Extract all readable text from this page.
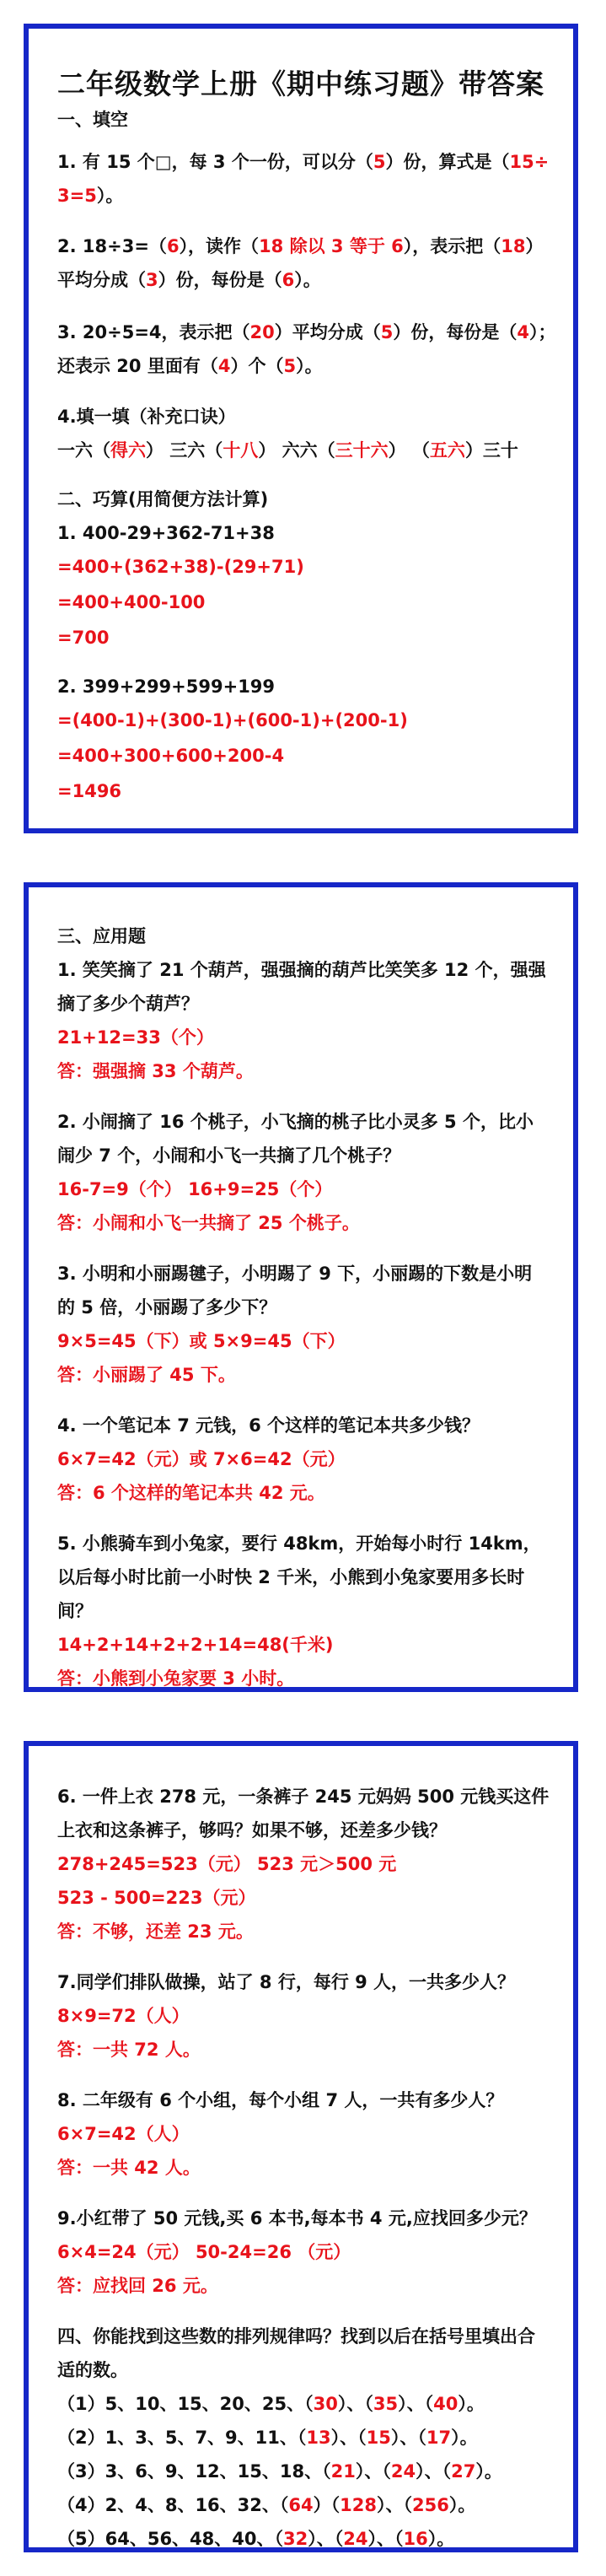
二年级数学上册《期中练习题》带答案
一、填空
1. 有 15 个□，每 3 个一份，可以分（5）份，算式是（15÷
3=5）。
2. 18÷3=（6），读作（18 除以 3 等于 6），表示把（18）
平均分成（3）份，每份是（6）。
3. 20÷5=4，表示把（20）平均分成（5）份，每份是（4）；
还表示 20 里面有（4）个（5）。
4.填一填（补充口诀）
一六（得六） 三六（十八） 六六（三十六） （五六）三十
二、巧算(用简便方法计算)
1. 400-29+362-71+38
=400+(362+38)-(29+71)
=400+400-100
=700
2. 399+299+599+199
=(400-1)+(300-1)+(600-1)+(200-1)
=400+300+600+200-4
=1496
三、应用题
1. 笑笑摘了 21 个葫芦，强强摘的葫芦比笑笑多 12 个，强强
摘了多少个葫芦？
21+12=33（个）
答：强强摘 33 个葫芦。
2. 小闹摘了 16 个桃子，小飞摘的桃子比小灵多 5 个，比小
闹少 7 个，小闹和小飞一共摘了几个桃子？
16-7=9（个） 16+9=25（个）
答：小闹和小飞一共摘了 25 个桃子。
3. 小明和小丽踢毽子，小明踢了 9 下，小丽踢的下数是小明
的 5 倍，小丽踢了多少下？
9×5=45（下）或 5×9=45（下）
答：小丽踢了 45 下。
4. 一个笔记本 7 元钱，6 个这样的笔记本共多少钱？
6×7=42（元）或 7×6=42（元）
答：6 个这样的笔记本共 42 元。
5. 小熊骑车到小兔家，要行 48km，开始每小时行 14km，
以后每小时比前一小时快 2 千米，小熊到小兔家要用多长时
间？
14+2+14+2+2+14=48(千米)
答：小熊到小兔家要 3 小时。
6. 一件上衣 278 元，一条裤子 245 元妈妈 500 元钱买这件
上衣和这条裤子，够吗？如果不够，还差多少钱？
278+245=523（元） 523 元＞500 元
523 - 500=223（元）
答：不够，还差 23 元。
7.同学们排队做操，站了 8 行，每行 9 人，一共多少人？
8×9=72（人）
答：一共 72 人。
8. 二年级有 6 个小组，每个小组 7 人，一共有多少人？
6×7=42（人）
答：一共 42 人。
9.小红带了 50 元钱,买 6 本书,每本书 4 元,应找回多少元？
6×4=24（元） 50-24=26 （元）
答：应找回 26 元。
四、你能找到这些数的排列规律吗？找到以后在括号里填出合
适的数。
（1）5、10、15、20、25、（30）、（35）、（40）。
（2）1、3、5、7、9、11、（13）、（15）、（17）。
（3）3、6、9、12、15、18、（21）、（24）、（27）。
（4）2、4、8、16、32、（64）（128）、（256）。
（5）64、56、48、40、（32）、（24）、（16）。
